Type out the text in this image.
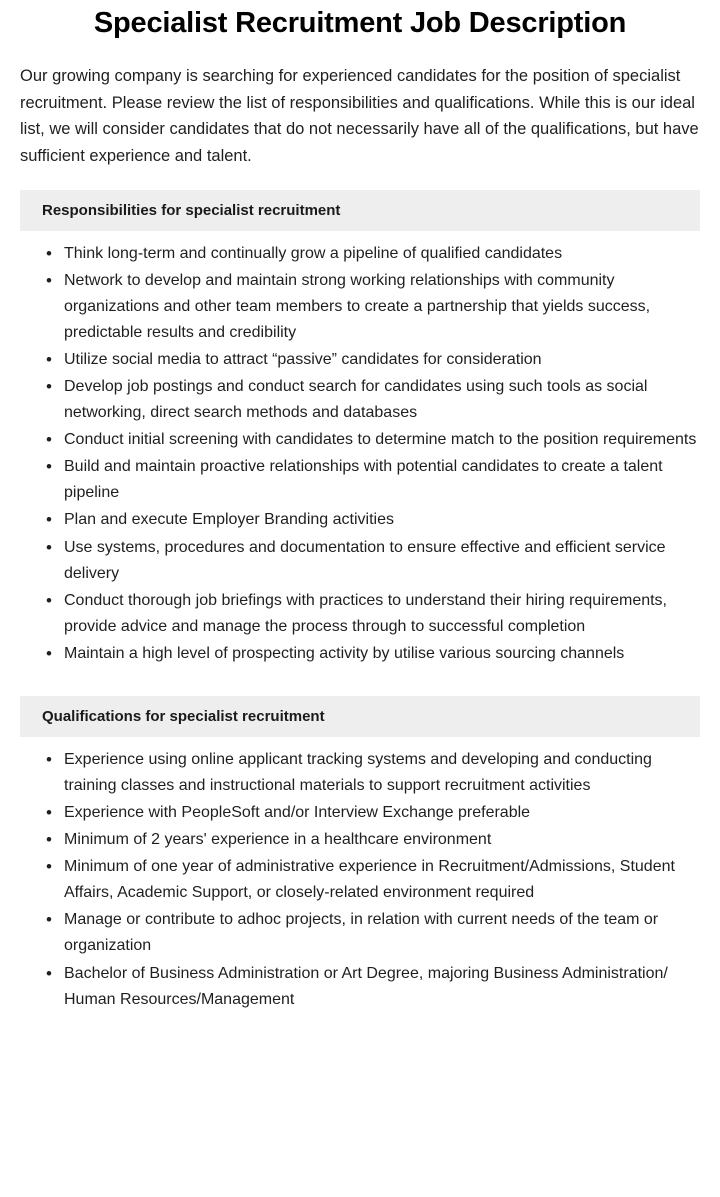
Specialist Recruitment Job Description

Our growing company is searching for experienced candidates for the position of specialist recruitment. Please review the list of responsibilities and qualifications. While this is our ideal list, we will consider candidates that do not necessarily have all of the qualifications, but have sufficient experience and talent.

Responsibilities for specialist recruitment
• Think long-term and continually grow a pipeline of qualified candidates
• Network to develop and maintain strong working relationships with community organizations and other team members to create a partnership that yields success, predictable results and credibility
• Utilize social media to attract “passive” candidates for consideration
• Develop job postings and conduct search for candidates using such tools as social networking, direct search methods and databases
• Conduct initial screening with candidates to determine match to the position requirements
• Build and maintain proactive relationships with potential candidates to create a talent pipeline
• Plan and execute Employer Branding activities
• Use systems, procedures and documentation to ensure effective and efficient service delivery
• Conduct thorough job briefings with practices to understand their hiring requirements, provide advice and manage the process through to successful completion
• Maintain a high level of prospecting activity by utilise various sourcing channels
Qualifications for specialist recruitment
• Experience using online applicant tracking systems and developing and conducting training classes and instructional materials to support recruitment activities
• Experience with PeopleSoft and/or Interview Exchange preferable
• Minimum of 2 years' experience in a healthcare environment
• Minimum of one year of administrative experience in Recruitment/Admissions, Student Affairs, Academic Support, or closely-related environment required
• Manage or contribute to adhoc projects, in relation with current needs of the team or organization
• Bachelor of Business Administration or Art Degree, majoring Business Administration/ Human Resources/Management
